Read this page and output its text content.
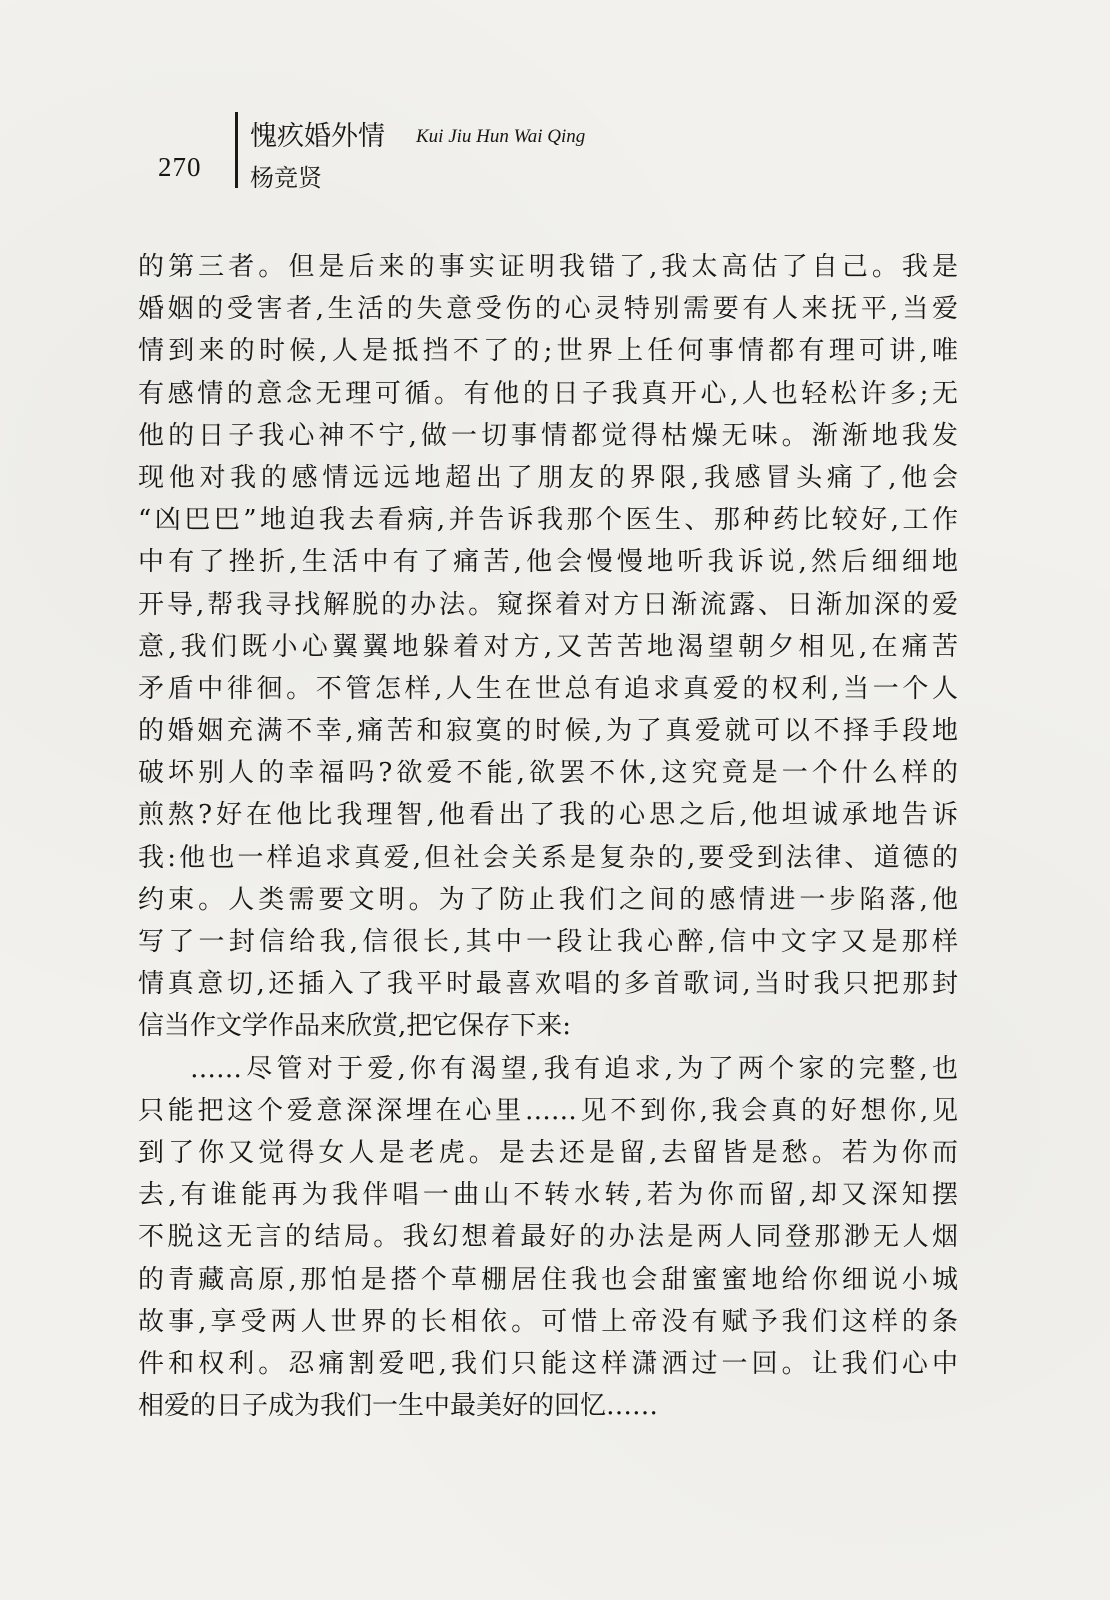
270
愧疚婚外情 Kui Jiu Hun Wai Qing
杨竞贤
的第三者。但是后来的事实证明我错了,我太高估了自己。我是
婚姻的受害者,生活的失意受伤的心灵特别需要有人来抚平,当爱
情到来的时候,人是抵挡不了的;世界上任何事情都有理可讲,唯
有感情的意念无理可循。有他的日子我真开心,人也轻松许多;无
他的日子我心神不宁,做一切事情都觉得枯燥无味。渐渐地我发
现他对我的感情远远地超出了朋友的界限,我感冒头痛了,他会
“凶巴巴”地迫我去看病,并告诉我那个医生、那种药比较好,工作
中有了挫折,生活中有了痛苦,他会慢慢地听我诉说,然后细细地
开导,帮我寻找解脱的办法。窥探着对方日渐流露、日渐加深的爱
意,我们既小心翼翼地躲着对方,又苦苦地渴望朝夕相见,在痛苦
矛盾中徘徊。不管怎样,人生在世总有追求真爱的权利,当一个人
的婚姻充满不幸,痛苦和寂寞的时候,为了真爱就可以不择手段地
破坏别人的幸福吗?欲爱不能,欲罢不休,这究竟是一个什么样的
煎熬?好在他比我理智,他看出了我的心思之后,他坦诚承地告诉
我:他也一样追求真爱,但社会关系是复杂的,要受到法律、道德的
约束。人类需要文明。为了防止我们之间的感情进一步陷落,他
写了一封信给我,信很长,其中一段让我心醉,信中文字又是那样
情真意切,还插入了我平时最喜欢唱的多首歌词,当时我只把那封
信当作文学作品来欣赏,把它保存下来:
……尽管对于爱,你有渴望,我有追求,为了两个家的完整,也
只能把这个爱意深深埋在心里……见不到你,我会真的好想你,见
到了你又觉得女人是老虎。是去还是留,去留皆是愁。若为你而
去,有谁能再为我伴唱一曲山不转水转,若为你而留,却又深知摆
不脱这无言的结局。我幻想着最好的办法是两人同登那渺无人烟
的青藏高原,那怕是搭个草棚居住我也会甜蜜蜜地给你细说小城
故事,享受两人世界的长相依。可惜上帝没有赋予我们这样的条
件和权利。忍痛割爱吧,我们只能这样潇洒过一回。让我们心中
相爱的日子成为我们一生中最美好的回忆……
